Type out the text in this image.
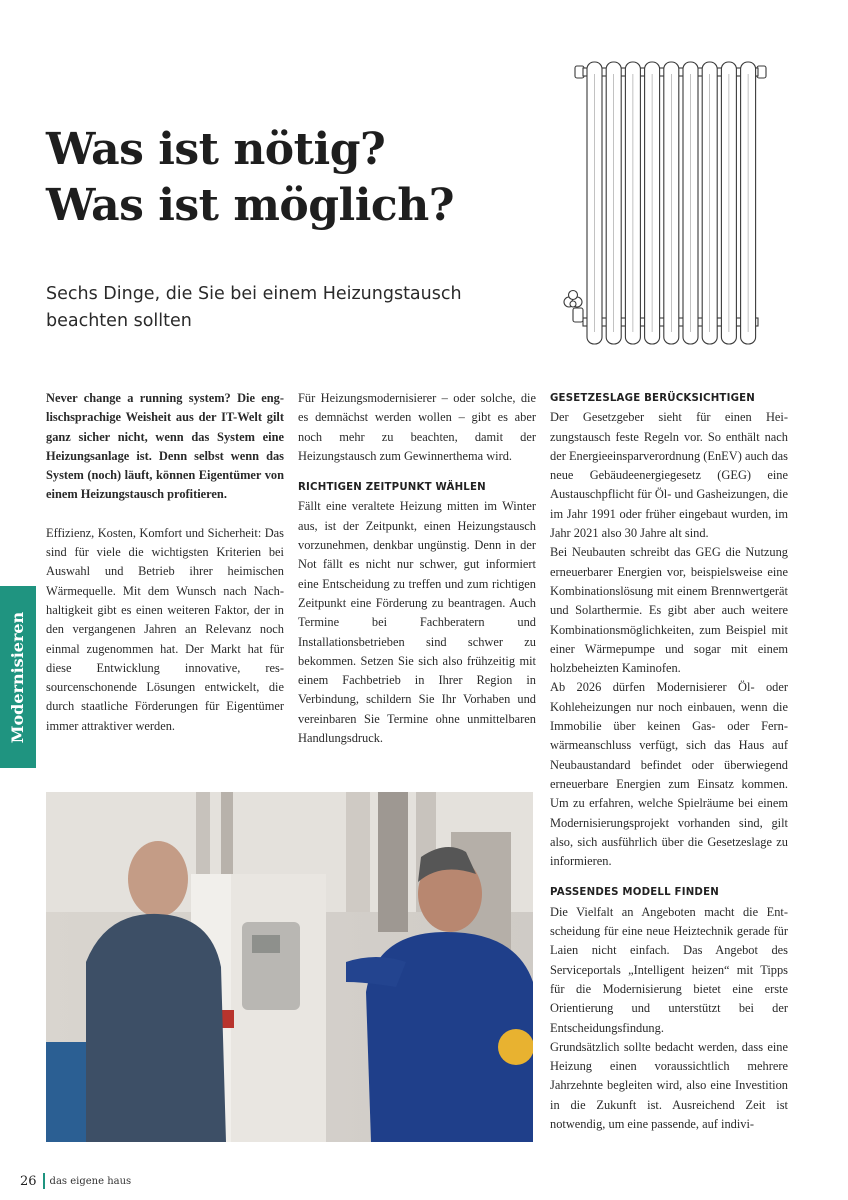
Was ist nötig?
Was ist möglich?
Sechs Dinge, die Sie bei einem Heizungstausch
beachten sollten
Modernisieren

Never change a running system? Die englischsprachige Weisheit aus der IT-Welt gilt ganz sicher nicht, wenn das System eine Heizungsanlage ist. Denn selbst wenn das System (noch) läuft, können Eigentümer von einem Heizungstausch profitieren.

Effizienz, Kosten, Komfort und Sicherheit: Das sind für viele die wichtigsten Kriterien bei Auswahl und Betrieb ihrer heimischen Wärmequelle. Mit dem Wunsch nach Nachhaltigkeit gibt es einen weiteren Faktor, der in den vergangenen Jahren an Relevanz noch einmal zugenommen hat. Der Markt hat für diese Entwicklung innovative, ressourcenschonende Lösungen entwickelt, die durch staatliche Förderungen für Eigentümer immer attraktiver werden.

Für Heizungsmodernisierer – oder solche, die es demnächst werden wollen – gibt es aber noch mehr zu beachten, damit der Heizungstausch zum Gewinnerthema wird.

RICHTIGEN ZEITPUNKT WÄHLEN

Fällt eine veraltete Heizung mitten im Winter aus, ist der Zeitpunkt, einen Heizungstausch vorzunehmen, denkbar ungünstig. Denn in der Not fällt es nicht nur schwer, gut informiert eine Entscheidung zu treffen und zum richtigen Zeitpunkt eine Förderung zu beantragen. Auch Termine bei Fachberatern und Installationsbetrieben sind schwer zu bekommen. Setzen Sie sich also frühzeitig mit einem Fachbetrieb in Ihrer Region in Verbindung, schildern Sie Ihr Vorhaben und vereinbaren Sie Termine ohne unmittelbaren Handlungsdruck.

GESETZESLAGE BERÜCKSICHTIGEN

Der Gesetzgeber sieht für einen Heizungstausch feste Regeln vor. So enthält nach der Energieeinsparverordnung (EnEV) auch das neue Gebäudeenergiegesetz (GEG) eine Austauschpflicht für Öl- und Gasheizungen, die im Jahr 1991 oder früher eingebaut wurden, im Jahr 2021 also 30 Jahre alt sind.

Bei Neubauten schreibt das GEG die Nutzung erneuerbarer Energien vor, beispielsweise eine Kombinationslösung mit einem Brennwertgerät und Solarthermie. Es gibt aber auch weitere Kombinationsmöglichkeiten, zum Beispiel mit einer Wärmepumpe und sogar mit einem holzbeheizten Kaminofen.

Ab 2026 dürfen Modernisierer Öl- oder Kohleheizungen nur noch einbauen, wenn die Immobilie über keinen Gas- oder Fernwärmeanschluss verfügt, sich das Haus auf Neubaustandard befindet oder überwiegend erneuerbare Energien zum Einsatz kommen. Um zu erfahren, welche Spielräume bei einem Modernisierungsprojekt vorhanden sind, gilt also, sich ausführlich über die Gesetzeslage zu informieren.

PASSENDES MODELL FINDEN

Die Vielfalt an Angeboten macht die Entscheidung für eine neue Heiztechnik gerade für Laien nicht einfach. Das Angebot des Serviceportals „Intelligent heizen“ mit Tipps für die Modernisierung bietet eine erste Orientierung und unterstützt bei der Entscheidungsfindung.

Grundsätzlich sollte bedacht werden, dass eine Heizung einen voraussichtlich mehrere Jahrzehnte begleiten wird, also eine Investition in die Zukunft ist. Ausreichend Zeit ist notwendig, um eine passende, auf indivi-

26	das eigene haus
